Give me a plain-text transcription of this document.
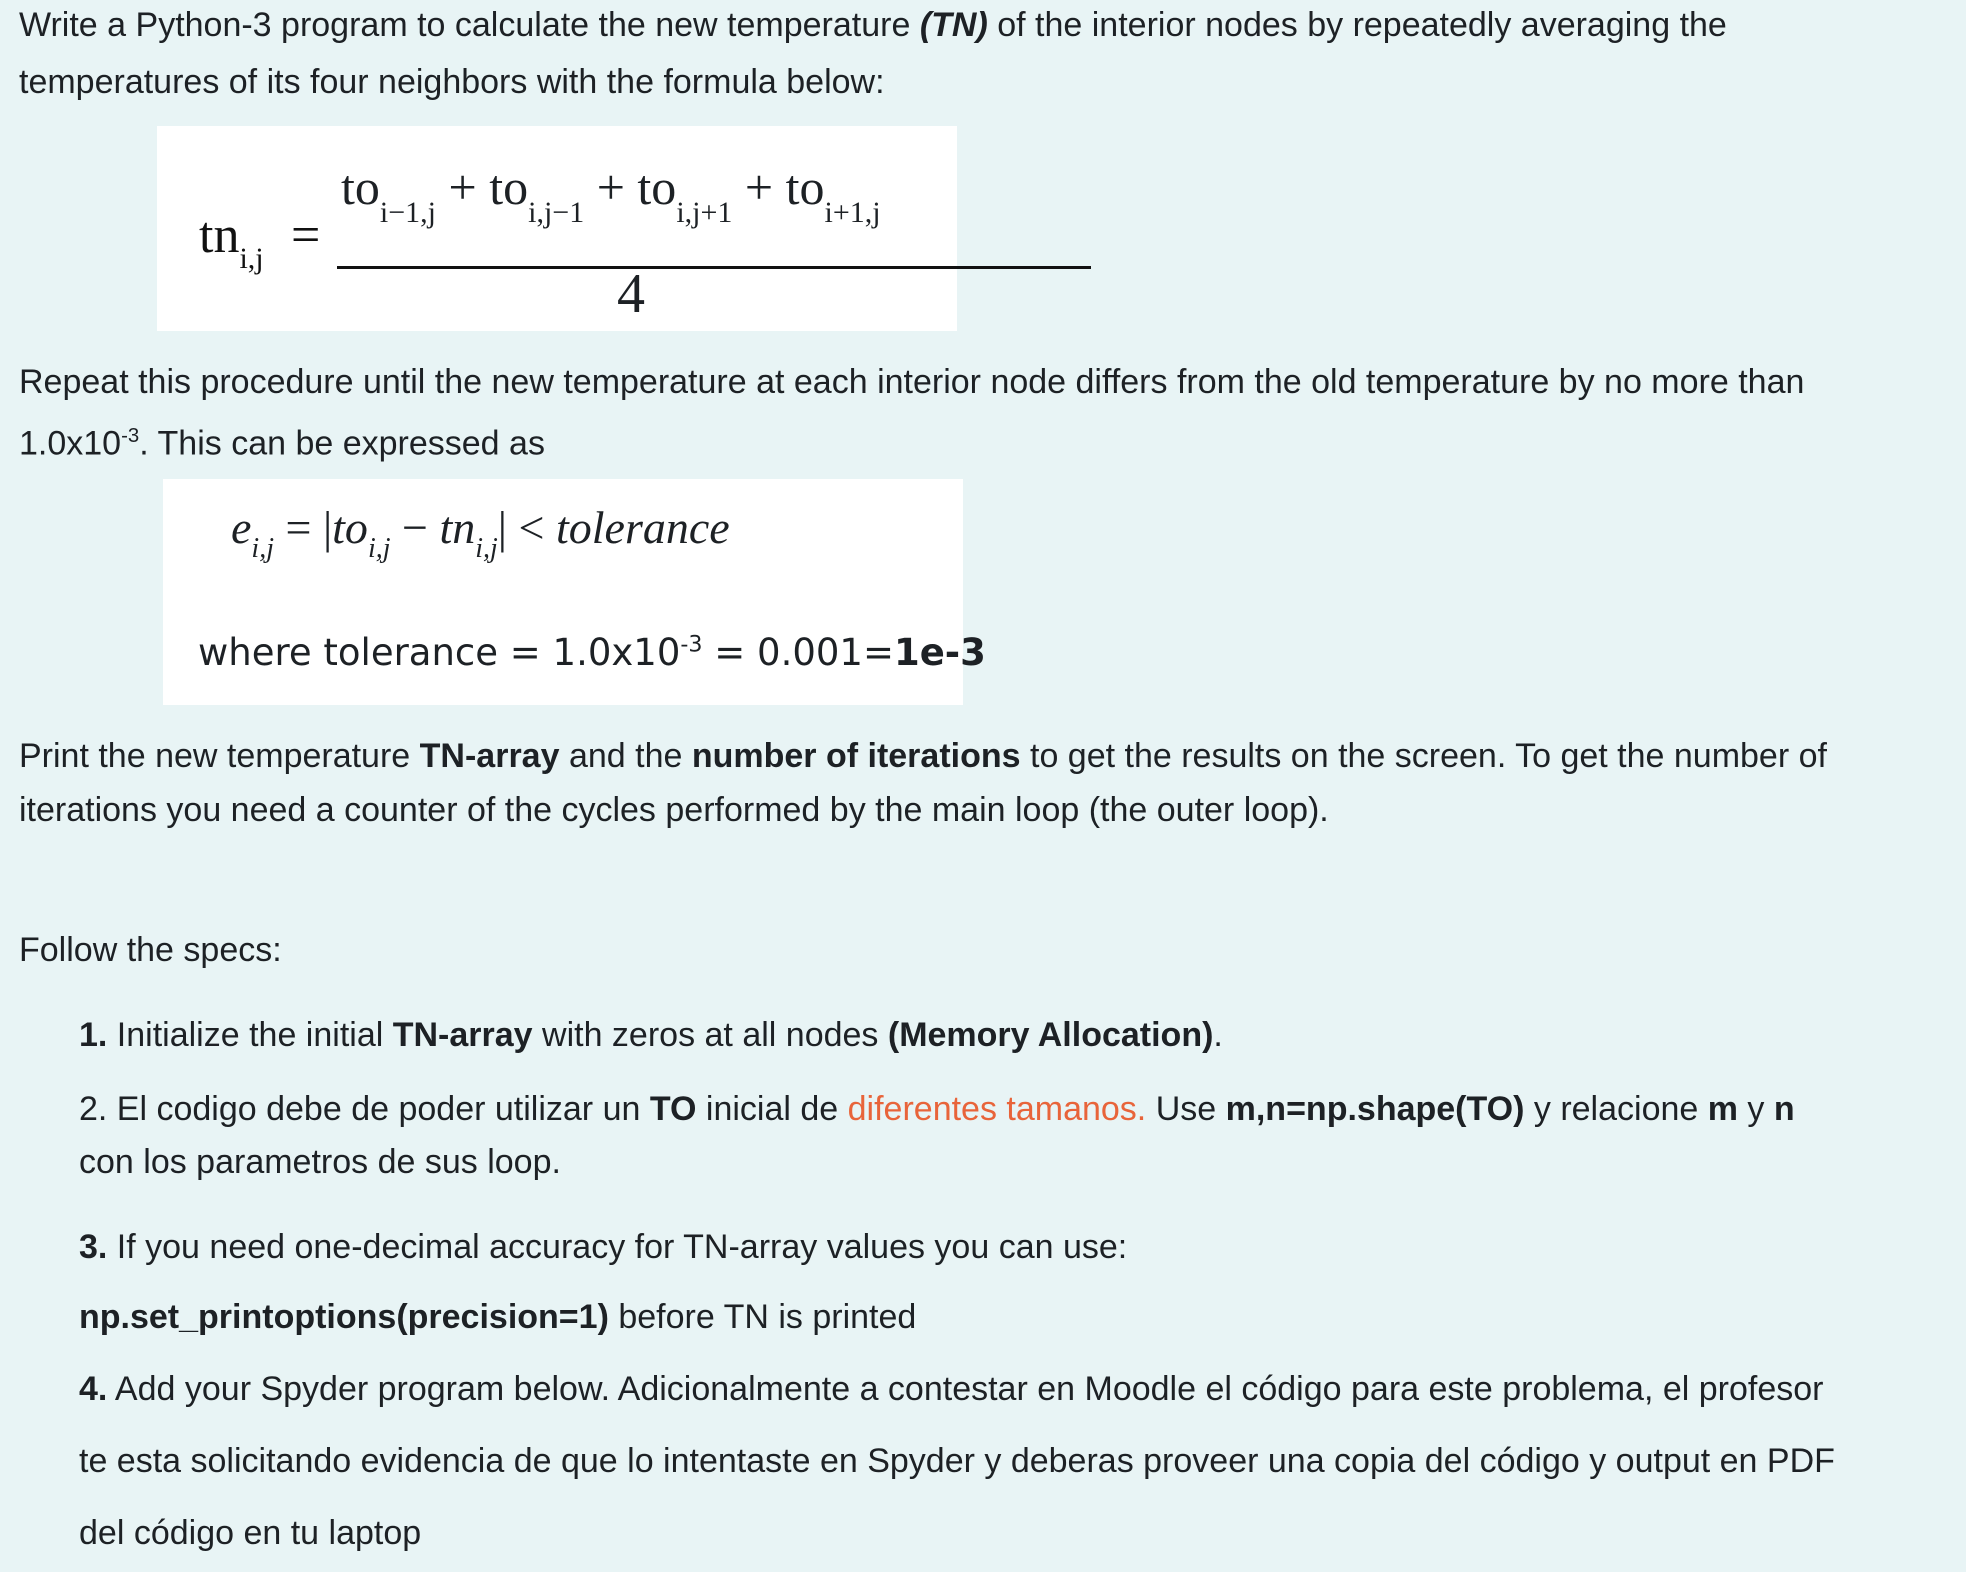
Write a Python-3 program to calculate the new temperature (TN) of the interior nodes by repeatedly averaging the

temperatures of its four neighbors with the formula below:

$tn_{i,j}$ =
$to_{i-1,j} + to_{i,j-1} + to_{i,j+1} + to_{i+1,j}$
4

Repeat this procedure until the new temperature at each interior node differs from the old temperature by no more than

$1.0x10^{-3}$. This can be expressed as

$e_{i,j} = |to_{i,j} - tn_{i,j}|$ < tolerance
where tolerance = $1.0x10^{-3} = 0.001=1e-3$

Print the new temperature TN-array and the number of iterations to get the results on the screen. To get the number of

iterations you need a counter of the cycles performed by the main loop (the outer loop).

Follow the specs:

1. Initialize the initial TN-array with zeros at all nodes (Memory Allocation).

2. El codigo debe de poder utilizar un TO inicial de diferentes tamanos. Use m,n=np.shape(TO) y relacione m y n

con los parametros de sus loop.

3. If you need one-decimal accuracy for TN-array values you can use:

np.set_printoptions(precision=1) before TN is printed

4. Add your Spyder program below. Adicionalmente a contestar en Moodle el código para este problema, el profesor

te esta solicitando evidencia de que lo intentaste en Spyder y deberas proveer una copia del código y output en PDF

del código en tu laptop
